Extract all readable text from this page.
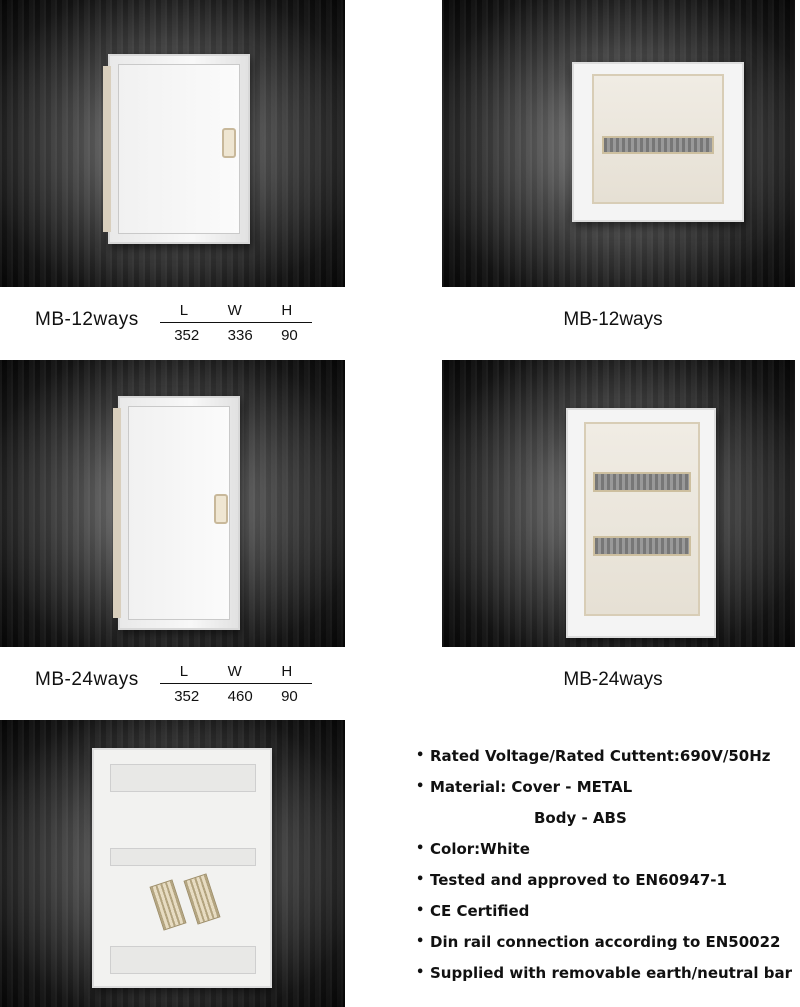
MB-12ways	L	W	H
352 336 90
MB-12ways
MB-24ways	L	W	H
352 460 90
MB-24ways
• Rated Voltage/Rated Cuttent:690V/50Hz
• Material: Cover - METAL
Body - ABS
• Color:White
• Tested and approved to EN60947-1
• CE Certified
• Din rail connection according to EN50022
• Supplied with removable earth/neutral bar
